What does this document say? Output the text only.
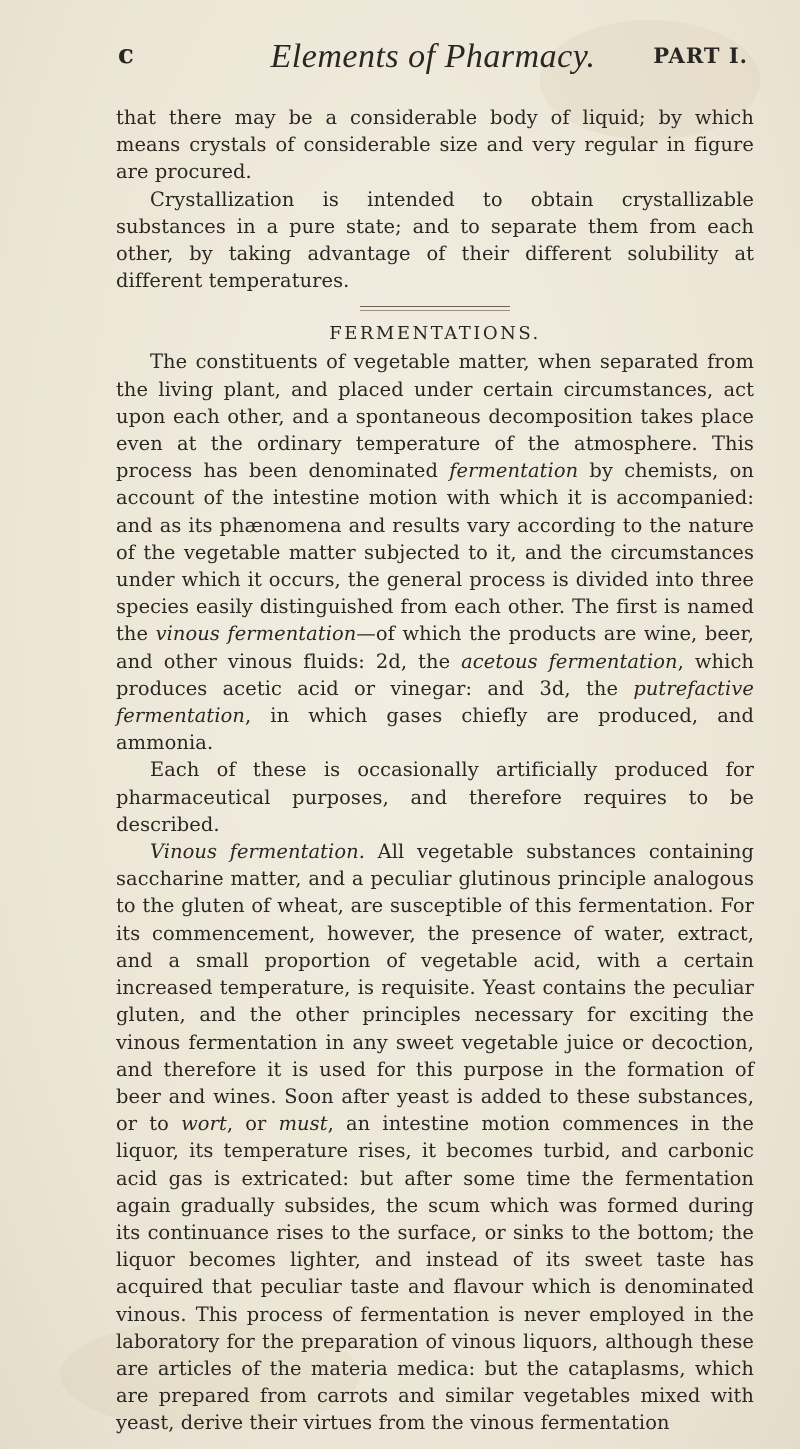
c	Elements of Pharmacy.	PART I.

that there may be a considerable body of liquid; by which means crystals of considerable size and very regular in figure are procured.

Crystallization is intended to obtain crystallizable substances in a pure state; and to separate them from each other, by taking advantage of their different solubility at different temperatures.

FERMENTATIONS.

The constituents of vegetable matter, when separated from the living plant, and placed under certain circumstances, act upon each other, and a spontaneous decomposition takes place even at the ordinary temperature of the atmosphere. This process has been denominated fermentation by chemists, on account of the intestine motion with which it is accompanied: and as its phænomena and results vary according to the nature of the vegetable matter subjected to it, and the circumstances under which it occurs, the general process is divided into three species easily distinguished from each other. The first is named the vinous fermentation—of which the products are wine, beer, and other vinous fluids: 2d, the acetous fermentation, which produces acetic acid or vinegar: and 3d, the putrefactive fermentation, in which gases chiefly are produced, and ammonia.

Each of these is occasionally artificially produced for pharmaceutical purposes, and therefore requires to be described.

Vinous fermentation. All vegetable substances containing saccharine matter, and a peculiar glutinous principle analogous to the gluten of wheat, are susceptible of this fermentation. For its commencement, however, the presence of water, extract, and a small proportion of vegetable acid, with a certain increased temperature, is requisite. Yeast contains the peculiar gluten, and the other principles necessary for exciting the vinous fermentation in any sweet vegetable juice or decoction, and therefore it is used for this purpose in the formation of beer and wines. Soon after yeast is added to these substances, or to wort, or must, an intestine motion commences in the liquor, its temperature rises, it becomes turbid, and carbonic acid gas is extricated: but after some time the fermentation again gradually subsides, the scum which was formed during its continuance rises to the surface, or sinks to the bottom; the liquor becomes lighter, and instead of its sweet taste has acquired that peculiar taste and flavour which is denominated vinous. This process of fermentation is never employed in the laboratory for the preparation of vinous liquors, although these are articles of the materia medica: but the cataplasms, which are prepared from carrots and similar vegetables mixed with yeast, derive their virtues from the vinous fermentation
